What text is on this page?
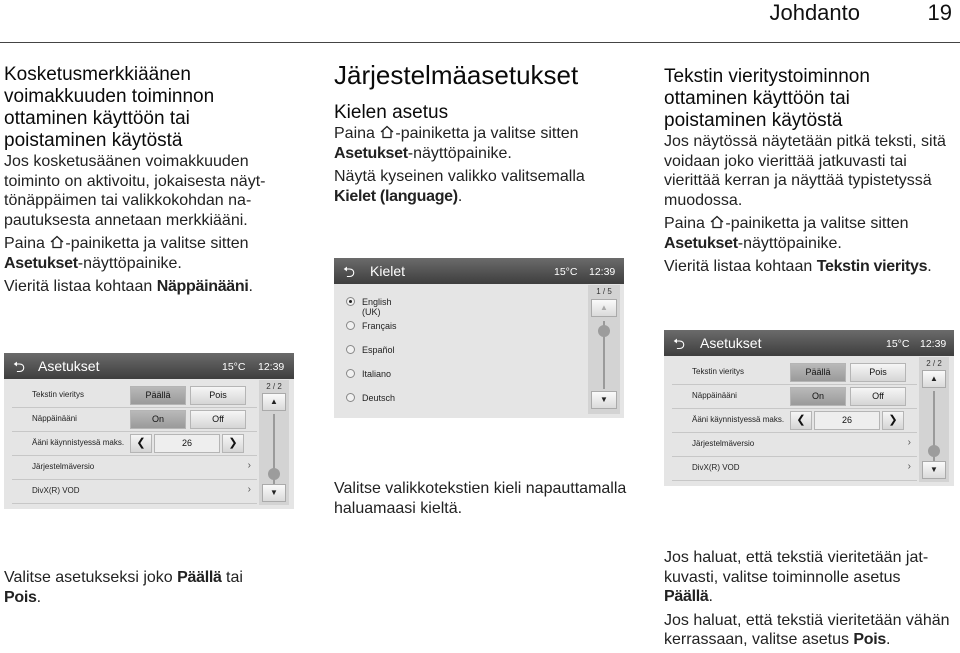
Johdanto	19

Kosketusmerkkiäänen voimakkuuden toiminnon ottaminen käyttöön tai poistaminen käytöstä

Jos kosketusäänen voimakkuuden toiminto on aktivoitu, jokaisesta näyttönäppäimen tai valikkokohdan napautuksesta annetaan merkkiääni.

Paina -painiketta ja valitse sitten
Asetukset-näyttöpainike.

Vieritä listaa kohtaan Näppäinääni.

⮌ Asetukset	15°C 12:39
Tekstin vieritys	Päällä	Pois
Näppäinääni	On	Off
Ääni käynnistyessä maks.	❮	26	❯
Järjestelmäversio	›
DivX(R) VOD	›
2 / 2
▲
▼

Valitse asetukseksi joko Päällä tai
Pois.

Järjestelmäasetukset

Kielen asetus

Paina -painiketta ja valitse sitten
Asetukset-näyttöpainike.

Näytä kyseinen valikko valitsemalla
Kielet (language).

⮌ Kielet	15°C 12:39
English (UK)
Français
Español
Italiano
Deutsch
1 / 5
▲
▼

Valitse valikkotekstien kieli napauttamalla haluamaasi kieltä.

Tekstin vieritystoiminnon ottaminen käyttöön tai poistaminen käytöstä

Jos näytössä näytetään pitkä teksti, sitä voidaan joko vierittää jatkuvasti tai vierittää kerran ja näyttää typistetyssä muodossa.

Paina -painiketta ja valitse sitten
Asetukset-näyttöpainike.

Vieritä listaa kohtaan Tekstin vieritys.

⮌ Asetukset	15°C 12:39
Tekstin vieritys	Päällä	Pois
Näppäinääni	On	Off
Ääni käynnistyessä maks.	❮	26	❯
Järjestelmäversio	›
DivX(R) VOD	›
2 / 2
▲
▼

Jos haluat, että tekstiä vieritetään jatkuvasti, valitse toiminnolle asetus
Päällä.

Jos haluat, että tekstiä vieritetään vähän kerrassaan, valitse asetus Pois.
